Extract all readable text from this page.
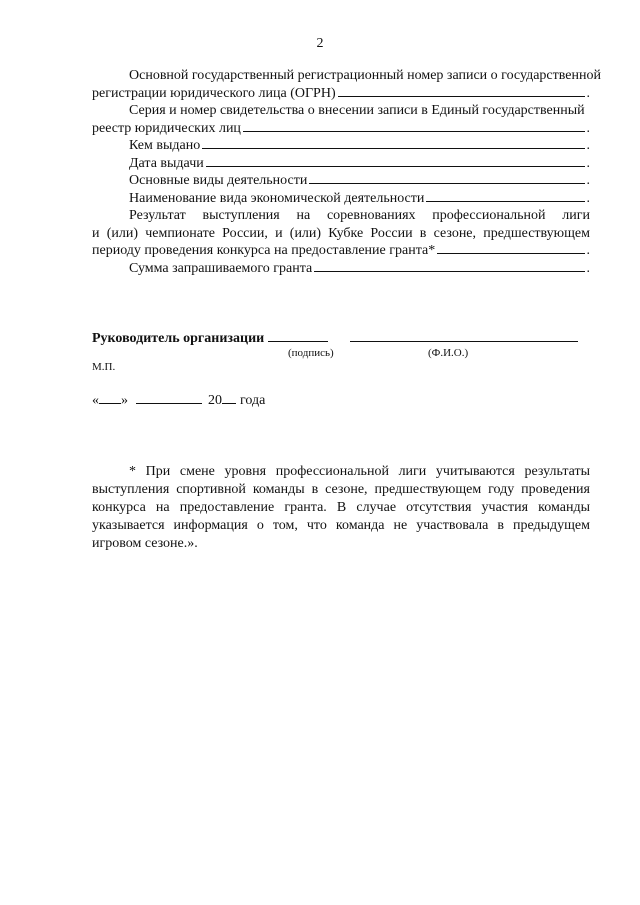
2
Основной государственный регистрационный номер записи о государственной
регистрации юридического лица (ОГРН)	.
Серия и номер свидетельства о внесении записи в Единый государственный
реестр юридических лиц	.
Кем выдано	.
Дата выдачи	.
Основные виды деятельности	.
Наименование вида экономической деятельности	.
Результат выступления на соревнованиях профессиональной лиги
и (или) чемпионате России, и (или) Кубке России в сезоне, предшествующем
периоду проведения конкурса на предоставление гранта*	.
Сумма запрашиваемого гранта	.
Руководитель организации
(подпись)	(Ф.И.О.)
М.П.
« »	20 года
* При смене уровня профессиональной лиги учитываются результаты выступления спортивной команды в сезоне, предшествующем году проведения конкурса на предоставление гранта. В случае отсутствия участия команды указывается информация о том, что команда не участвовала в предыдущем игровом сезоне.».
